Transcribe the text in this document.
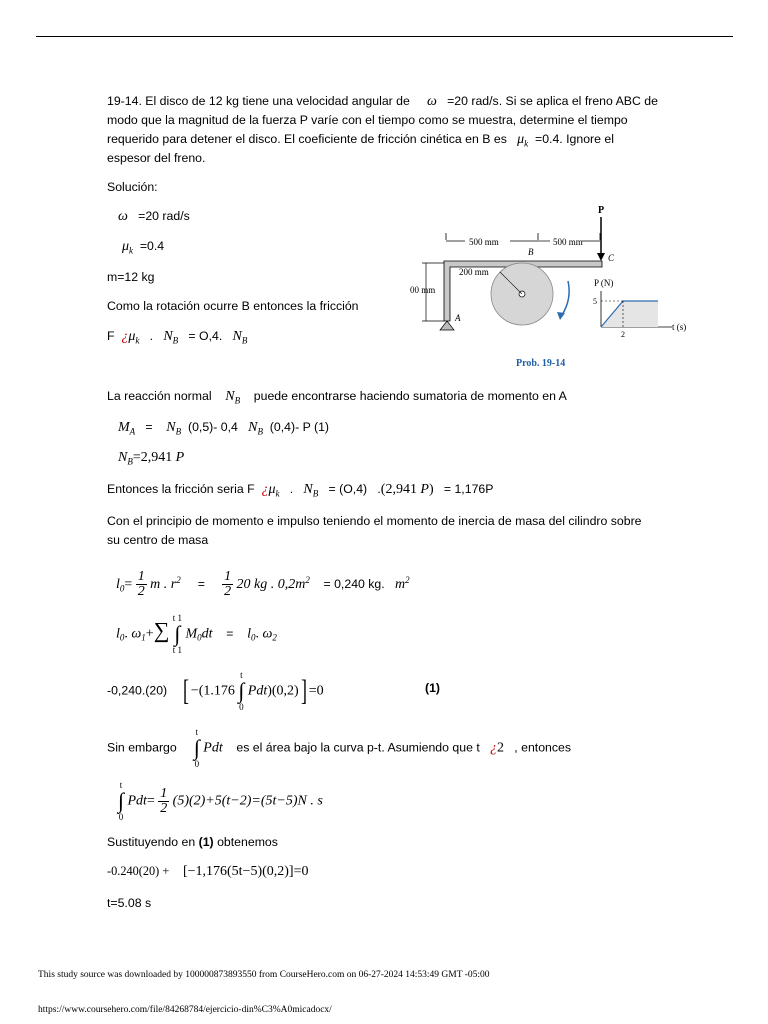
19-14. El disco de 12 kg tiene una velocidad angular de ω =20 rad/s. Si se aplica el freno ABC de
modo que la magnitud de la fuerza P varíe con el tiempo como se muestra, determine el tiempo
requerido para detener el disco. El coeficiente de fricción cinética en B es $\mu_k =0.4$. Ignore el
espesor del freno.
Solución:
ω =20 rad/s
$\mu_k =0.4$
m=12 kg
Como la rotación ocurre B entonces la fricción
F ¿$\mu_k$ . $N_B = O,4$. $N_B$
P
500 mm	500 mm
00 mm
B
C
A
200 mm
P (N)
5
2
t (s)
Prob. 19-14
La reacción normal $N_B$ puede encontrarse haciendo sumatoria de momento en A
$M_A = N_B$ (0,5)- 0,4 $N_B$ (0,4)- P (1)
$N_B=2,941$ P
Entonces la fricción seria F ¿$\mu_k$ . $N_B = (O,4)$ .(2,941 P) = 1,176P
Con el principio de momento e impulso teniendo el momento de inercia de masa del cilindro sobre
su centro de masa
$l_0= \frac{1}{2}$ m . $r^2 = \frac{1}{2} 20$ kg . $0,2m^2 = 0,240$ kg. $m^2$
$l_0$. $\omega_1+\sum$ t 1
∫
t 1 $M_0dt = l_0$. $\omega_2$
-0,240.(20) [ −(1.176 t
∫
0 Pdt)(0,2)] =0	(1)
Sin embargo     t
∫
0 Pdt es el área bajo la curva p-t. Asumiendo que t ¿2 , entonces
t
∫
0 $Pdt= \frac{1}{2} (5)(2)+5(t-2)=(5t-5)N$ . s
Sustituyendo en (1) obtenemos
-0.240(20) + [−1,176(5t−5)(0,2)]=0
t=5.08 s
This study source was downloaded by 100000873893550 from CourseHero.com on 06-27-2024 14:53:49 GMT -05:00
https://www.coursehero.com/file/84268784/ejercicio-din%C3%A0micadocx/
